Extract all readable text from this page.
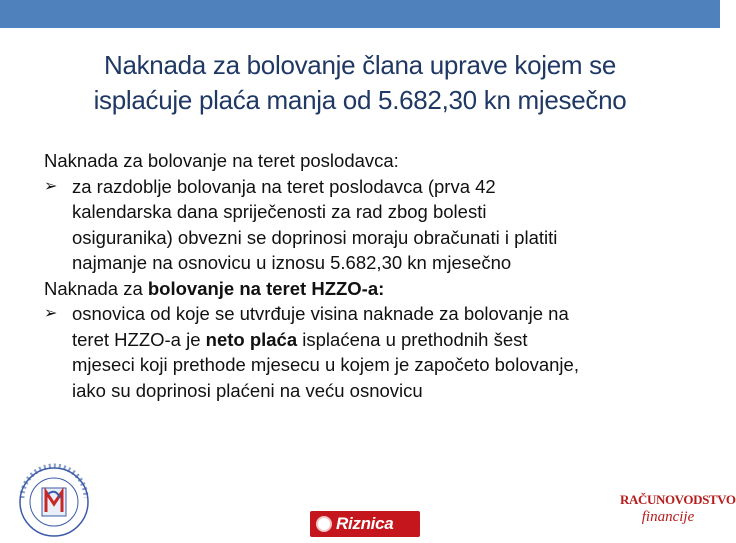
Naknada za bolovanje člana uprave kojem se
isplaćuje plaća manja od 5.682,30 kn mjesečno

Naknada za bolovanje na teret poslodavca:

➢ za razdoblje bolovanja na teret poslodavca (prva 42
kalendarska dana spriječenosti za rad zbog bolesti
osiguranika) obvezni se doprinosi moraju obračunati i platiti
najmanje na osnovicu u iznosu 5.682,30 kn mjesečno

Naknada za bolovanje na teret HZZO-a:

➢ osnovica od koje se utvrđuje visina naknade za bolovanje na
teret HZZO-a je neto plaća isplaćena u prethodnih šest
mjeseci koji prethode mjesecu u kojem je započeto bolovanje,
iako su doprinosi plaćeni na veću osnovicu
Riznica
RAČUNOVODSTVO
financije
